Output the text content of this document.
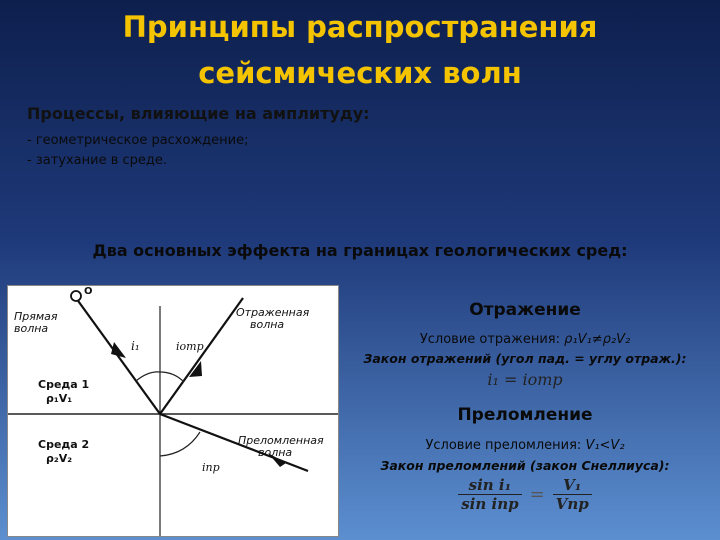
Принципы распространения
сейсмических волн
Процессы, влияющие на амплитуду:
- геометрическое расхождение;
- затухание в среде.
Два основных эффекта на границах геологических сред:
Прямая
волна
Отраженная
волна
Преломленная
волна
Среда 1
ρ₁V₁
Среда 2
ρ₂V₂
i₁	iотр
iпр
O
Отражение
Условие отражения: ρ₁V₁≠ρ₂V₂
Закон отражений (угол пад. = углу отраж.):
i₁ = iотр
Преломление
Условие преломления: V₁<V₂
Закон преломлений (закон Снеллиуса):
$\frac{\text{sin i₁}}{\text{sin iпр}} = \frac{\text{V₁}}{\text{Vпр}}$
